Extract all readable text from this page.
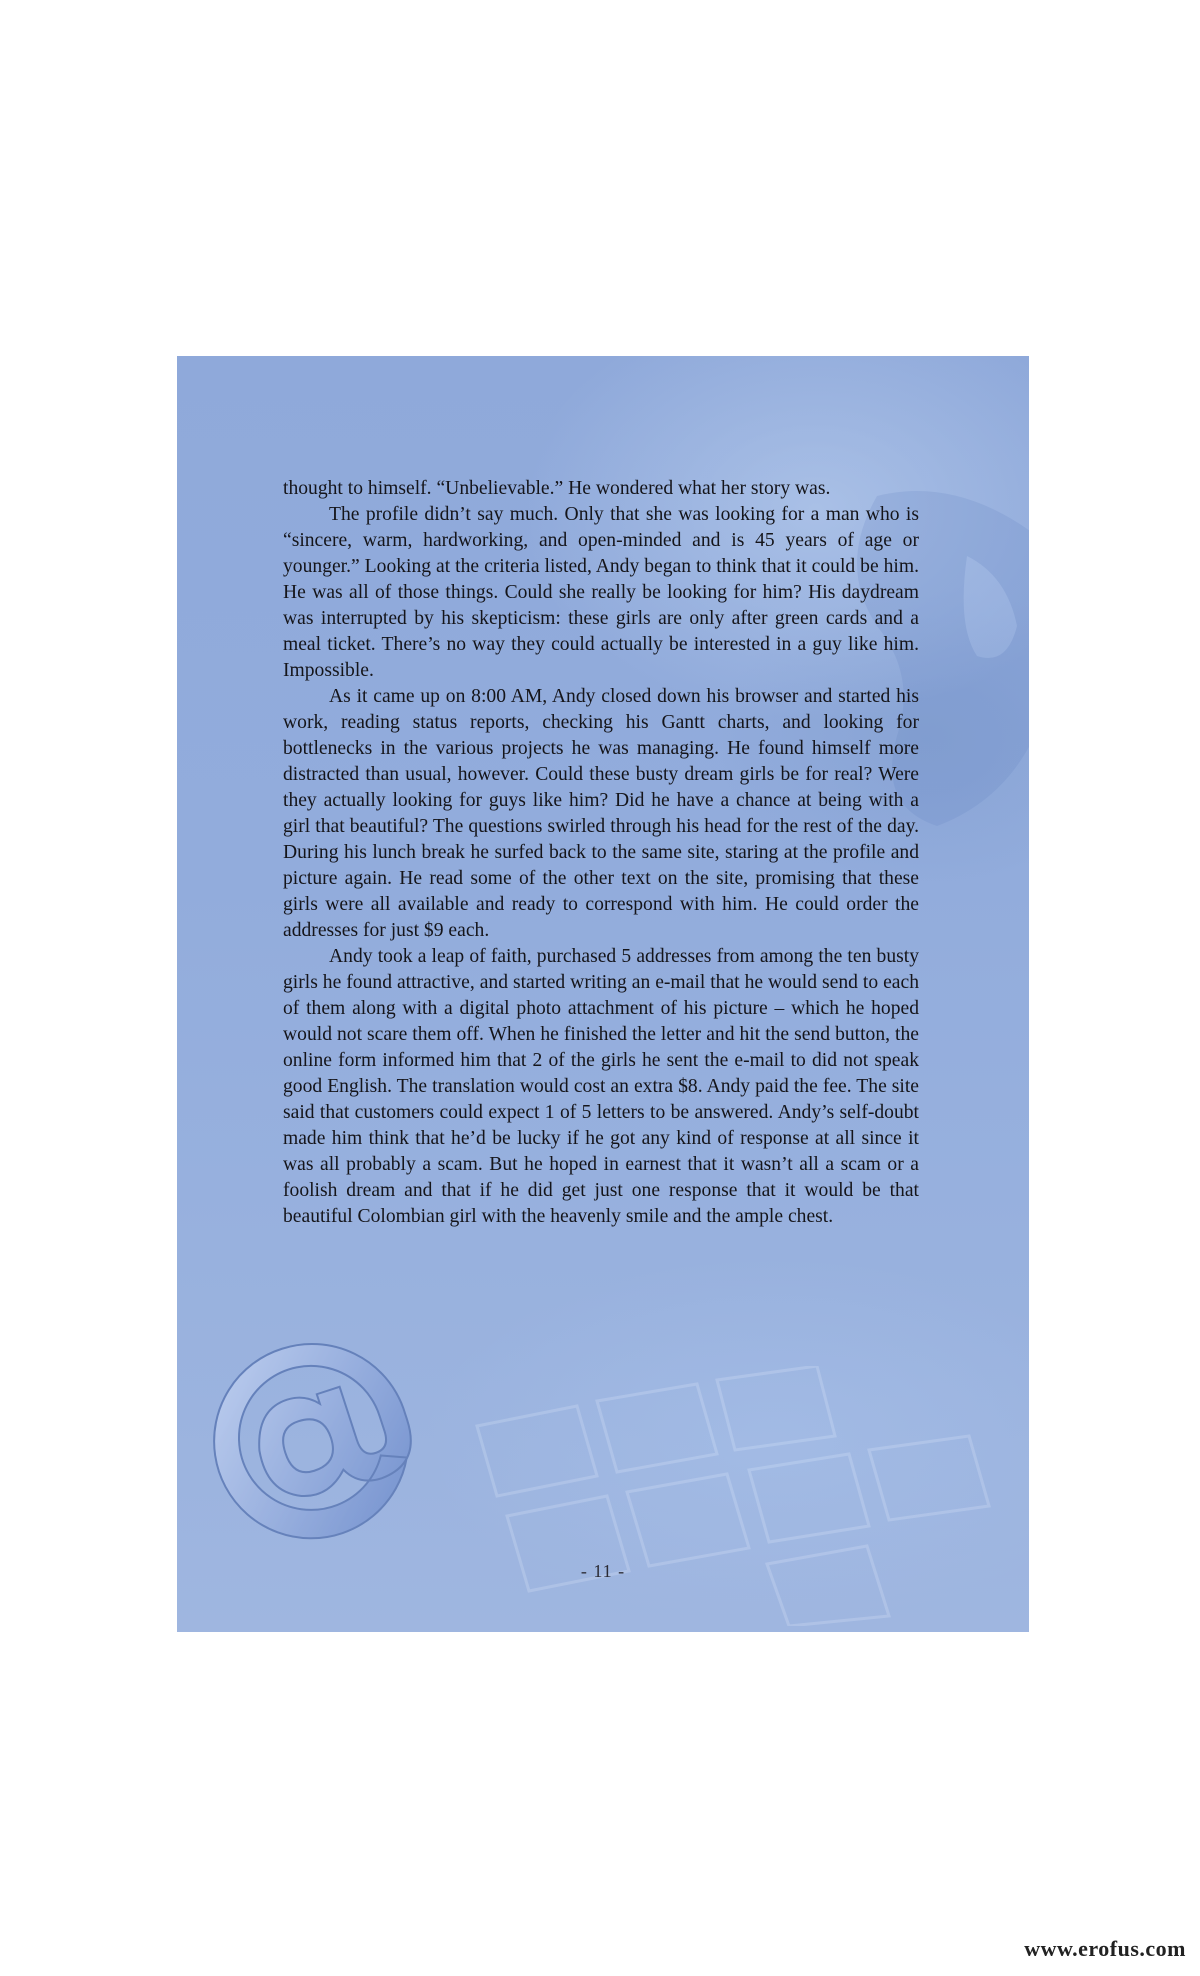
thought to himself. “Unbelievable.” He wondered what her story was.

The profile didn’t say much. Only that she was looking for a man who is “sincere, warm, hardworking, and open-minded and is 45 years of age or younger.” Looking at the criteria listed, Andy began to think that it could be him. He was all of those things. Could she really be looking for him? His daydream was interrupted by his skepticism: these girls are only after green cards and a meal ticket. There’s no way they could actually be interested in a guy like him. Impossible.

As it came up on 8:00 AM, Andy closed down his browser and started his work, reading status reports, checking his Gantt charts, and looking for bottlenecks in the various projects he was managing. He found himself more distracted than usual, however. Could these busty dream girls be for real? Were they actually looking for guys like him? Did he have a chance at being with a girl that beautiful? The questions swirled through his head for the rest of the day. During his lunch break he surfed back to the same site, staring at the profile and picture again. He read some of the other text on the site, promising that these girls were all available and ready to correspond with him. He could order the addresses for just $9 each.

Andy took a leap of faith, purchased 5 addresses from among the ten busty girls he found attractive, and started writing an e-mail that he would send to each of them along with a digital photo attachment of his picture – which he hoped would not scare them off. When he finished the letter and hit the send button, the online form informed him that 2 of the girls he sent the e-mail to did not speak good English. The translation would cost an extra $8. Andy paid the fee. The site said that customers could expect 1 of 5 letters to be answered. Andy’s self-doubt made him think that he’d be lucky if he got any kind of response at all since it was all probably a scam. But he hoped in earnest that it wasn’t all a scam or a foolish dream and that if he did get just one response that it would be that beautiful Colombian girl with the heavenly smile and the ample chest.

- 11 -
www.erofus.com
